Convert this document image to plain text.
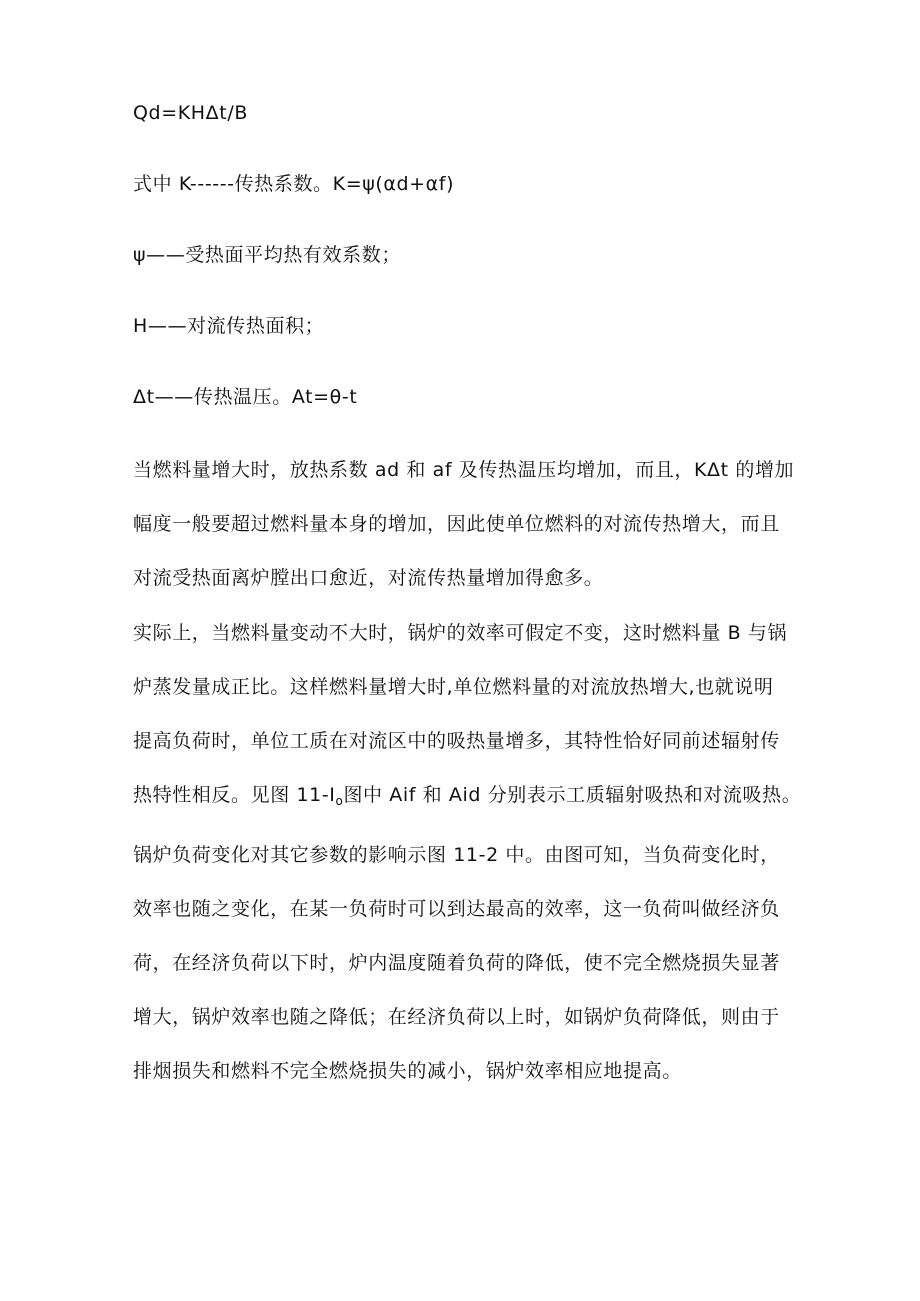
Qd=KHΔt/B

式中 K------传热系数。K=ψ(αd+αf)

ψ——受热面平均热有效系数；

H——对流传热面积；

Δt——传热温压。At=θ-t

当燃料量增大时，放热系数 ad 和 af 及传热温压均增加，而且，KΔt 的增加
幅度一般要超过燃料量本身的增加，因此使单位燃料的对流传热增大，而且
对流受热面离炉膛出口愈近，对流传热量增加得愈多。
实际上，当燃料量变动不大时，锅炉的效率可假定不变，这时燃料量 B 与锅
炉蒸发量成正比。这样燃料量增大时,单位燃料量的对流放热增大,也就说明
提高负荷时，单位工质在对流区中的吸热量增多，其特性恰好同前述辐射传
热特性相反。见图 $11-I_o$图中 Aif 和 Aid 分别表示工质辐射吸热和对流吸热。
锅炉负荷变化对其它参数的影响示图 11-2 中。由图可知，当负荷变化时，
效率也随之变化，在某一负荷时可以到达最高的效率，这一负荷叫做经济负
荷，在经济负荷以下时，炉内温度随着负荷的降低，使不完全燃烧损失显著
增大，锅炉效率也随之降低；在经济负荷以上时，如锅炉负荷降低，则由于
排烟损失和燃料不完全燃烧损失的减小，锅炉效率相应地提高。
